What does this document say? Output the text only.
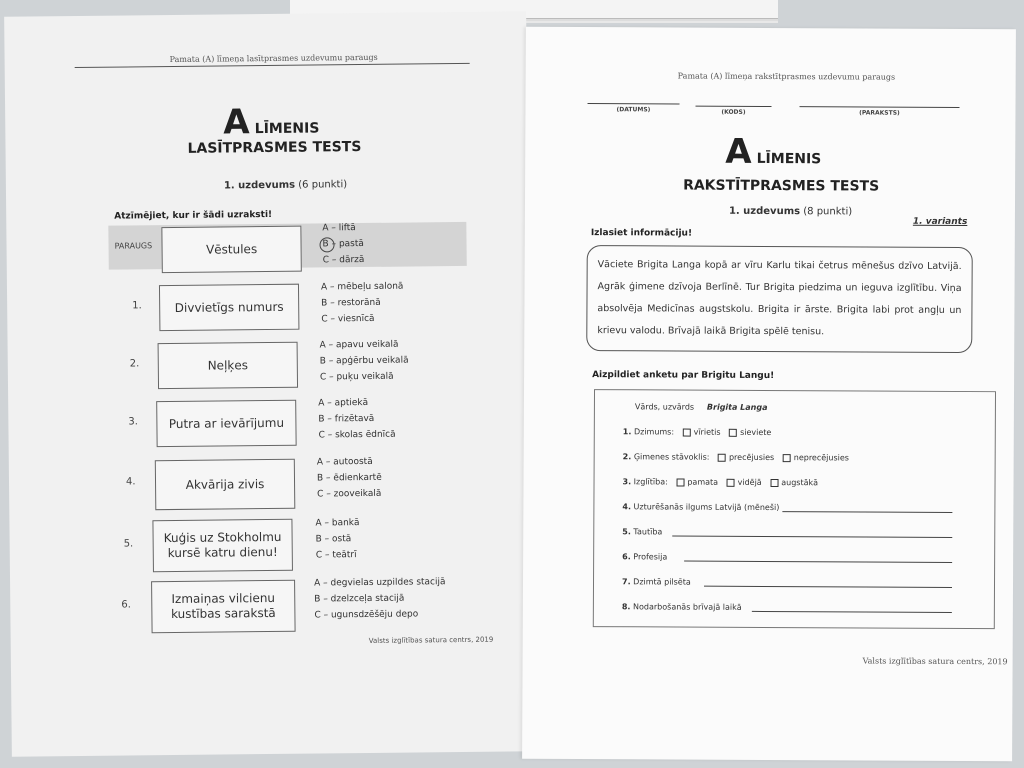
Pamata (A) līmeņa lasītprasmes uzdevumu paraugs
A LĪMENIS
LASĪTPRASMES TESTS
1. uzdevums (6 punkti)
Atzīmējiet, kur ir šādi uzraksti!
PARAUGS	Vēstules
A – liftā
B – pastā
C – dārzā
1.	Divvietīgs numurs
A – mēbeļu salonā
B – restorānā
C – viesnīcā
2.	Neļķes
A – apavu veikalā
B – apģērbu veikalā
C – puķu veikalā
3.	Putra ar ievārījumu
A – aptiekā
B – frizētavā
C – skolas ēdnīcā
4.	Akvārija zivis
A – autoostā
B – ēdienkartē
C – zooveikalā
5.	Kuģis uz Stokholmu kursē katru dienu!
A – bankā
B – ostā
C – teātrī
6.	Izmaiņas vilcienu kustības sarakstā
A – degvielas uzpildes stacijā
B – dzelzceļa stacijā
C – ugunsdzēšēju depo
Valsts izglītības satura centrs, 2019
Pamata (A) līmeņa rakstītprasmes uzdevumu paraugs
(DATUMS)	(KODS)	(PARAKSTS)
A LĪMENIS
RAKSTĪTPRASMES TESTS
1. uzdevums (8 punkti)
1. variants
Izlasiet informāciju!
Vāciete Brigita Langa kopā ar vīru Karlu tikai četrus mēnešus dzīvo Latvijā. Agrāk ģimene dzīvoja Berlīnē. Tur Brigita piedzima un ieguva izglītību. Viņa absolvēja Medicīnas augstskolu. Brigita ir ārste. Brigita labi prot angļu un krievu valodu. Brīvajā laikā Brigita spēlē tenisu.
Aizpildiet anketu par Brigitu Langu!
Vārds, uzvārds Brigita Langa
1. Dzimums: vīrietis sieviete
2. Ģimenes stāvoklis: precējusies neprecējusies
3. Izglītība: pamata vidējā augstākā
4. Uzturēšanās ilgums Latvijā (mēneši)
5. Tautība
6. Profesija
7. Dzimtā pilsēta
8. Nodarbošanās brīvajā laikā
Valsts izglītības satura centrs, 2019
